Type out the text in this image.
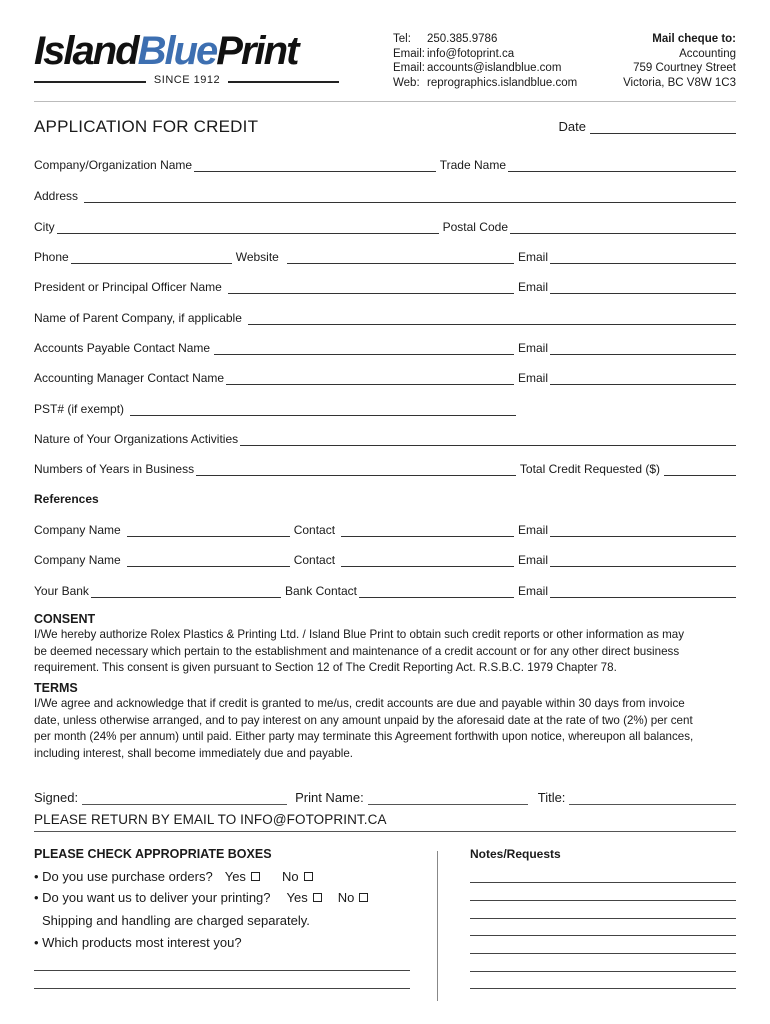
IslandBluePrint
SINCE 1912
Tel:	250.385.9786
Email: info@fotoprint.ca
Email: accounts@islandblue.com
Web: reprographics.islandblue.com
Mail cheque to:
Accounting
759 Courtney Street
Victoria, BC V8W 1C3
APPLICATION FOR CREDIT	Date
Company/Organization Name	Trade Name
Address
City	Postal Code
Phone	Website	Email
President or Principal Officer Name	Email
Name of Parent Company, if applicable
Accounts Payable Contact Name	Email
Accounting Manager Contact Name	Email
PST# (if exempt)
Nature of Your Organizations Activities
Numbers of Years in Business	Total Credit Requested ($)
References
Company Name	Contact	Email
Company Name	Contact	Email
Your Bank	Bank Contact	Email
CONSENT
I/We hereby authorize Rolex Plastics & Printing Ltd. / Island Blue Print to obtain such credit reports or other information as may
be deemed necessary which pertain to the establishment and maintenance of a credit account or for any other direct business
requirement. This consent is given pursuant to Section 12 of The Credit Reporting Act. R.S.B.C. 1979 Chapter 78.
TERMS
I/We agree and acknowledge that if credit is granted to me/us, credit accounts are due and payable within 30 days from invoice
date, unless otherwise arranged, and to pay interest on any amount unpaid by the aforesaid date at the rate of two (2%) per cent
per month (24% per annum) until paid. Either party may terminate this Agreement forthwith upon notice, whereupon all balances,
including interest, shall become immediately due and payable.
Signed:	Print Name:	Title:
PLEASE RETURN BY EMAIL TO INFO@FOTOPRINT.CA
PLEASE CHECK APPROPRIATE BOXES
• Do you use purchase orders? Yes	No
• Do you want us to deliver your printing? Yes No
Shipping and handling are charged separately.
• Which products most interest you?
Notes/Requests
